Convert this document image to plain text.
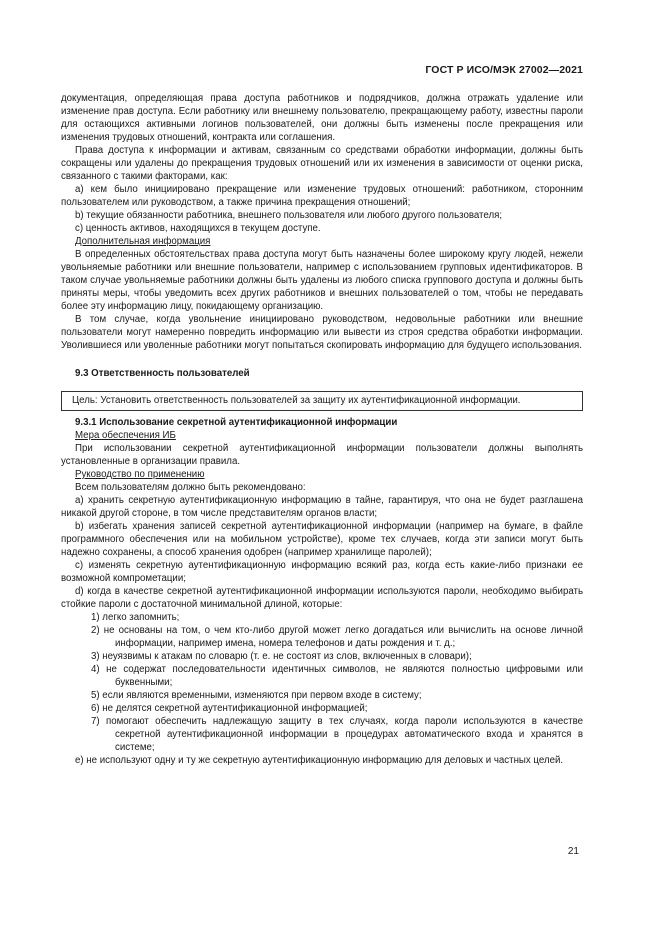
ГОСТ Р ИСО/МЭК 27002—2021

документация, определяющая права доступа работников и подрядчиков, должна отражать удаление или изменение прав доступа. Если работнику или внешнему пользователю, прекращающему работу, известны пароли для остающихся активными логинов пользователей, они должны быть изменены после прекращения или изменения трудовых отношений, контракта или соглашения.

Права доступа к информации и активам, связанным со средствами обработки информации, должны быть сокращены или удалены до прекращения трудовых отношений или их изменения в зависимости от оценки риска, связанного с такими факторами, как:

a) кем было инициировано прекращение или изменение трудовых отношений: работником, сторонним пользователем или руководством, а также причина прекращения отношений;

b) текущие обязанности работника, внешнего пользователя или любого другого пользователя;

c) ценность активов, находящихся в текущем доступе.

Дополнительная информация

В определенных обстоятельствах права доступа могут быть назначены более широкому кругу людей, нежели увольняемые работники или внешние пользователи, например с использованием групповых идентификаторов. В таком случае увольняемые работники должны быть удалены из любого списка группового доступа и должны быть приняты меры, чтобы уведомить всех других работников и внешних пользователей о том, чтобы не передавать более эту информацию лицу, покидающему организацию.

В том случае, когда увольнение инициировано руководством, недовольные работники или внешние пользователи могут намеренно повредить информацию или вывести из строя средства обработки информации. Уволившиеся или уволенные работники могут попытаться скопировать информацию для будущего использования.

9.3 Ответственность пользователей

Цель: Установить ответственность пользователей за защиту их аутентификационной информации.

9.3.1 Использование секретной аутентификационной информации

Мера обеспечения ИБ

При использовании секретной аутентификационной информации пользователи должны выполнять установленные в организации правила.

Руководство по применению

Всем пользователям должно быть рекомендовано:

a) хранить секретную аутентификационную информацию в тайне, гарантируя, что она не будет разглашена никакой другой стороне, в том числе представителям органов власти;

b) избегать хранения записей секретной аутентификационной информации (например на бумаге, в файле программного обеспечения или на мобильном устройстве), кроме тех случаев, когда эти записи могут быть надежно сохранены, а способ хранения одобрен (например хранилище паролей);

c) изменять секретную аутентификационную информацию всякий раз, когда есть какие-либо признаки ее возможной компрометации;

d) когда в качестве секретной аутентификационной информации используются пароли, необходимо выбирать стойкие пароли с достаточной минимальной длиной, которые:

1) легко запомнить;

2) не основаны на том, о чем кто-либо другой может легко догадаться или вычислить на основе личной информации, например имена, номера телефонов и даты рождения и т. д.;

3) неуязвимы к атакам по словарю (т. е. не состоят из слов, включенных в словари);

4) не содержат последовательности идентичных символов, не являются полностью цифровыми или буквенными;

5) если являются временными, изменяются при первом входе в систему;

6) не делятся секретной аутентификационной информацией;

7) помогают обеспечить надлежащую защиту в тех случаях, когда пароли используются в качестве секретной аутентификационной информации в процедурах автоматического входа и хранятся в системе;

e) не используют одну и ту же секретную аутентификационную информацию для деловых и частных целей.

21
